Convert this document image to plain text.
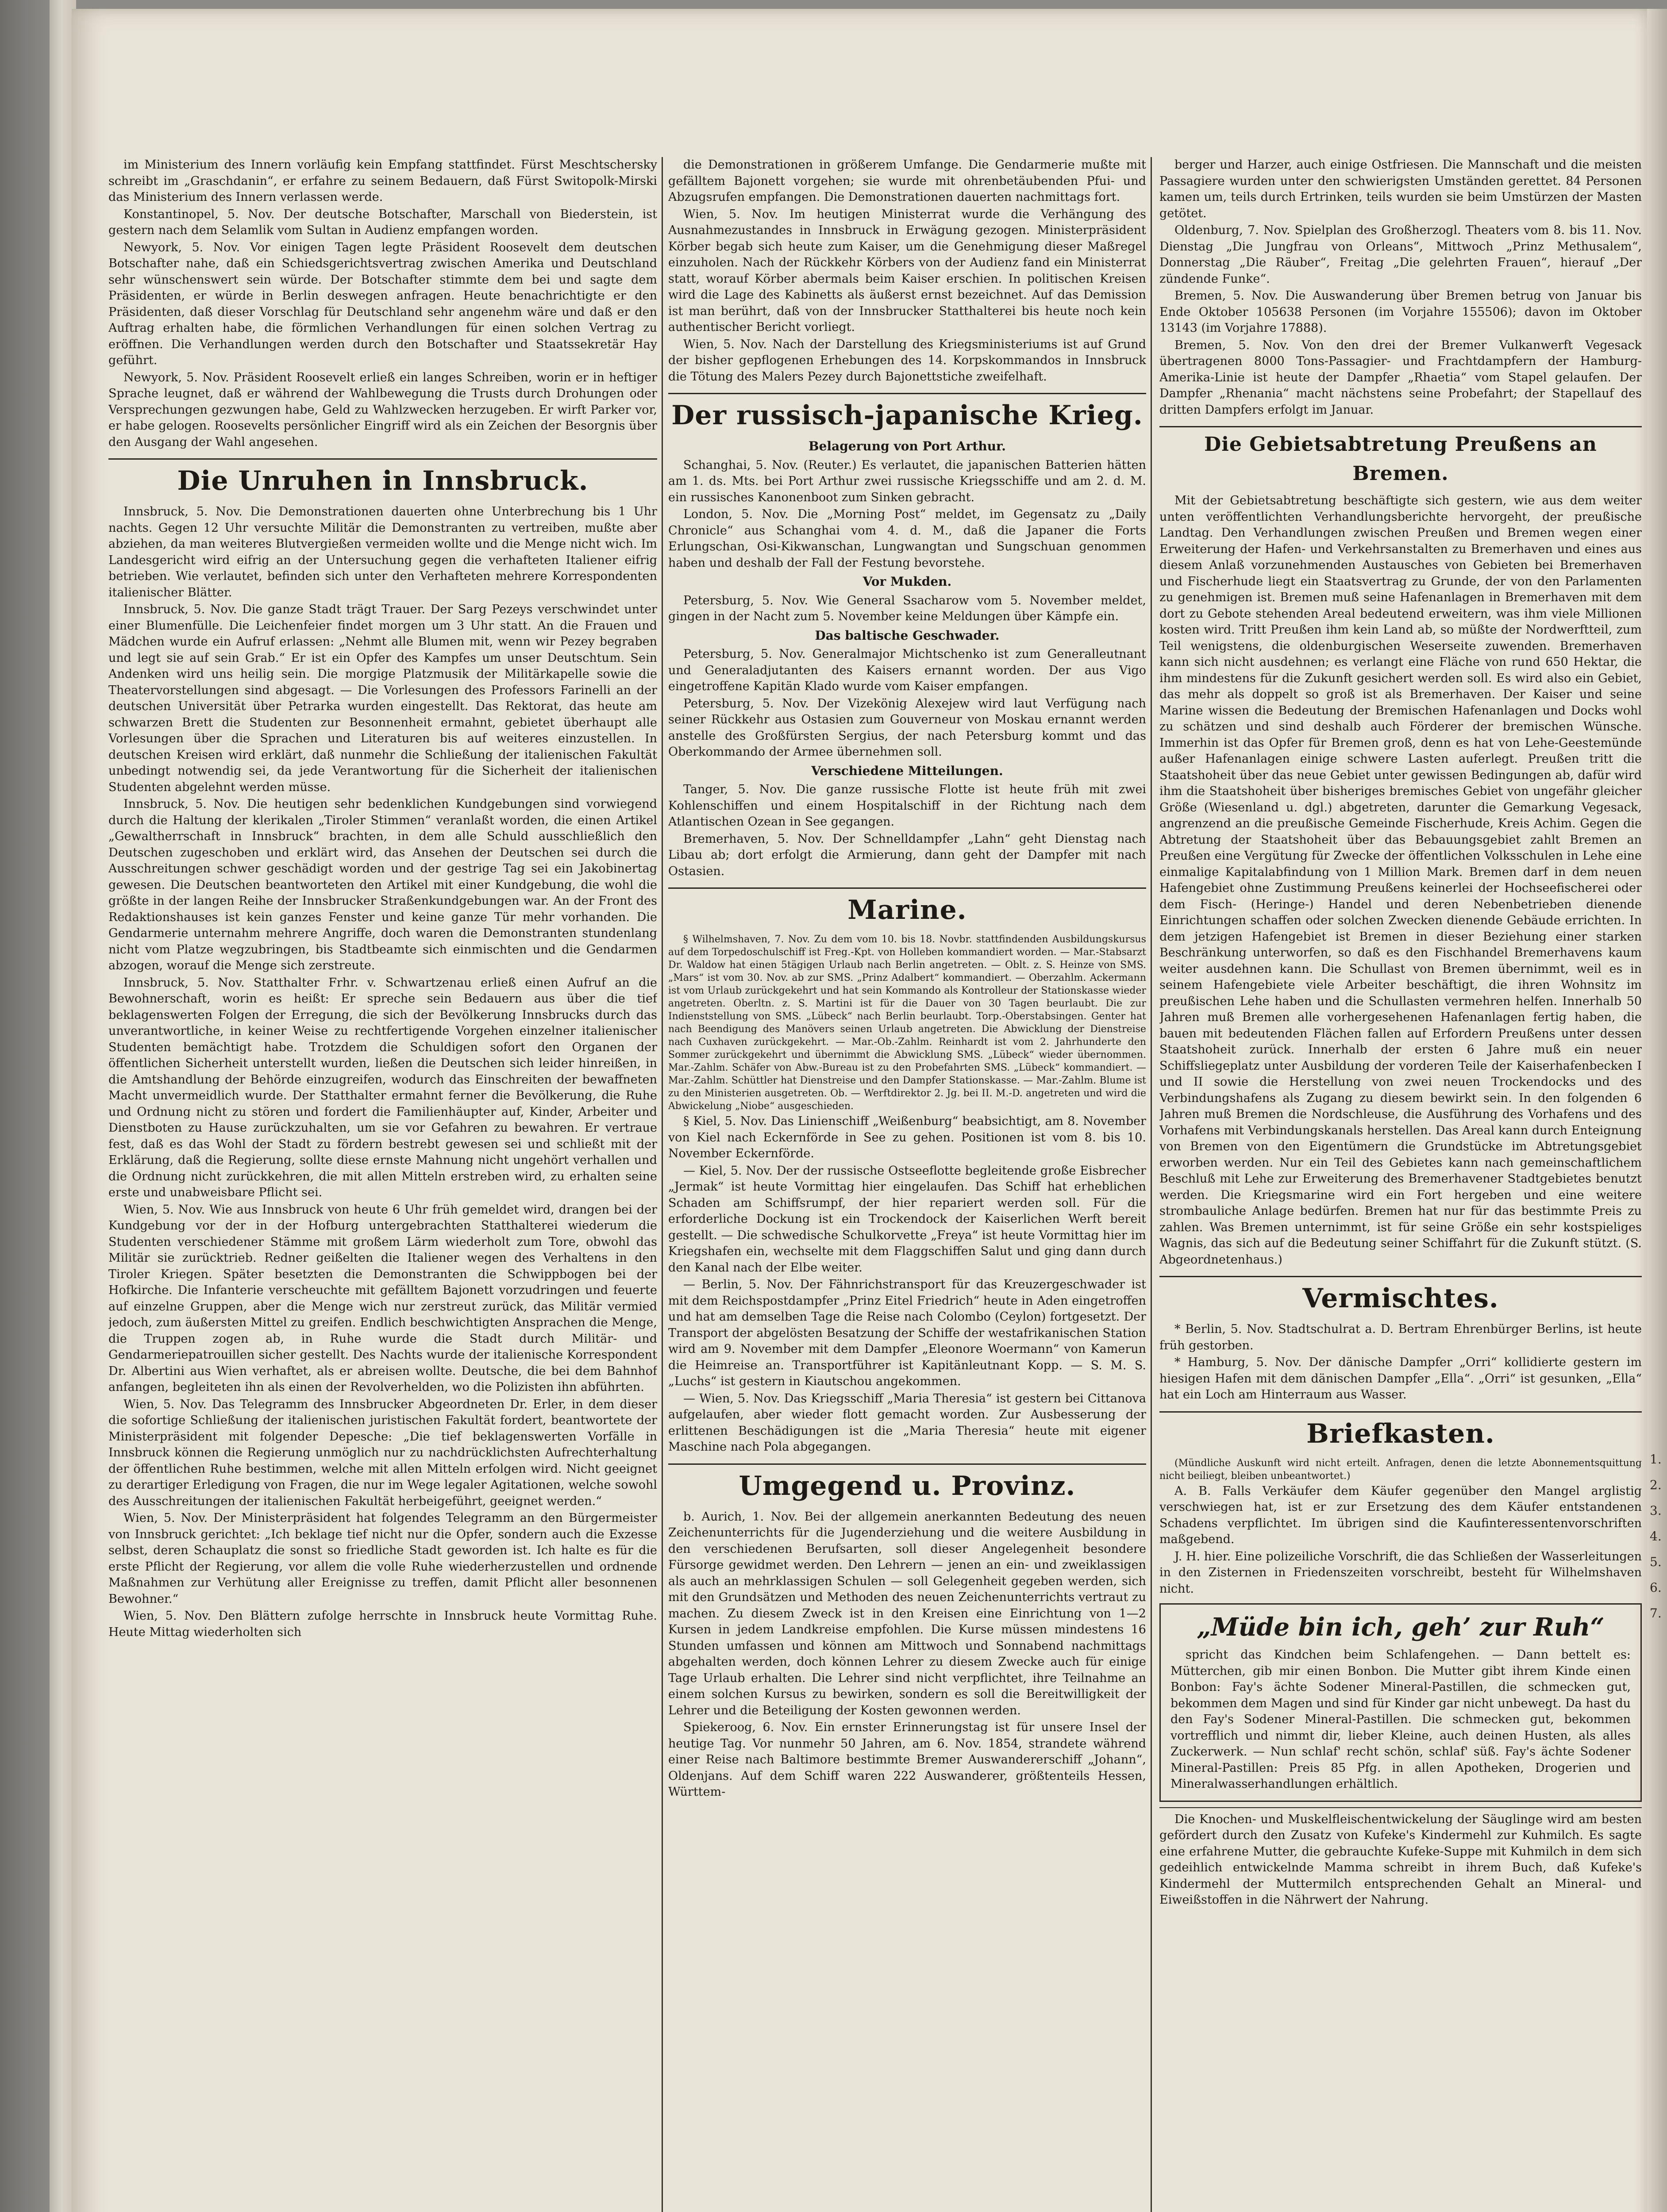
im Ministerium des Innern vorläufig kein Empfang stattfindet. Fürst Meschtschersky schreibt im „Graschdanin“, er erfahre zu seinem Bedauern, daß Fürst Switopolk-Mirski das Ministerium des Innern verlassen werde.

Konstantinopel, 5. Nov. Der deutsche Botschafter, Marschall von Biederstein, ist gestern nach dem Selamlik vom Sultan in Audienz empfangen worden.

Newyork, 5. Nov. Vor einigen Tagen legte Präsident Roosevelt dem deutschen Botschafter nahe, daß ein Schiedsgerichtsvertrag zwischen Amerika und Deutschland sehr wünschenswert sein würde. Der Botschafter stimmte dem bei und sagte dem Präsidenten, er würde in Berlin deswegen anfragen. Heute benachrichtigte er den Präsidenten, daß dieser Vorschlag für Deutschland sehr angenehm wäre und daß er den Auftrag erhalten habe, die förmlichen Verhandlungen für einen solchen Vertrag zu eröffnen. Die Verhandlungen werden durch den Botschafter und Staatssekretär Hay geführt.

Newyork, 5. Nov. Präsident Roosevelt erließ ein langes Schreiben, worin er in heftiger Sprache leugnet, daß er während der Wahlbewegung die Trusts durch Drohungen oder Versprechungen gezwungen habe, Geld zu Wahlzwecken herzugeben. Er wirft Parker vor, er habe gelogen. Roosevelts persönlicher Eingriff wird als ein Zeichen der Besorgnis über den Ausgang der Wahl angesehen.

Die Unruhen in Innsbruck.

Innsbruck, 5. Nov. Die Demonstrationen dauerten ohne Unterbrechung bis 1 Uhr nachts. Gegen 12 Uhr versuchte Militär die Demonstranten zu vertreiben, mußte aber abziehen, da man weiteres Blutvergießen vermeiden wollte und die Menge nicht wich. Im Landesgericht wird eifrig an der Untersuchung gegen die verhafteten Italiener eifrig betrieben. Wie verlautet, befinden sich unter den Verhafteten mehrere Korrespondenten italienischer Blätter.

Innsbruck, 5. Nov. Die ganze Stadt trägt Trauer. Der Sarg Pezeys verschwindet unter einer Blumenfülle. Die Leichenfeier findet morgen um 3 Uhr statt. An die Frauen und Mädchen wurde ein Aufruf erlassen: „Nehmt alle Blumen mit, wenn wir Pezey begraben und legt sie auf sein Grab.“ Er ist ein Opfer des Kampfes um unser Deutschtum. Sein Andenken wird uns heilig sein. Die morgige Platzmusik der Militärkapelle sowie die Theatervorstellungen sind abgesagt. — Die Vorlesungen des Professors Farinelli an der deutschen Universität über Petrarka wurden eingestellt. Das Rektorat, das heute am schwarzen Brett die Studenten zur Besonnenheit ermahnt, gebietet überhaupt alle Vorlesungen über die Sprachen und Literaturen bis auf weiteres einzustellen. In deutschen Kreisen wird erklärt, daß nunmehr die Schließung der italienischen Fakultät unbedingt notwendig sei, da jede Verantwortung für die Sicherheit der italienischen Studenten abgelehnt werden müsse.

Innsbruck, 5. Nov. Die heutigen sehr bedenklichen Kundgebungen sind vorwiegend durch die Haltung der klerikalen „Tiroler Stimmen“ veranlaßt worden, die einen Artikel „Gewaltherrschaft in Innsbruck“ brachten, in dem alle Schuld ausschließlich den Deutschen zugeschoben und erklärt wird, das Ansehen der Deutschen sei durch die Ausschreitungen schwer geschädigt worden und der gestrige Tag sei ein Jakobinertag gewesen. Die Deutschen beantworteten den Artikel mit einer Kundgebung, die wohl die größte in der langen Reihe der Innsbrucker Straßenkundgebungen war. An der Front des Redaktionshauses ist kein ganzes Fenster und keine ganze Tür mehr vorhanden. Die Gendarmerie unternahm mehrere Angriffe, doch waren die Demonstranten stundenlang nicht vom Platze wegzubringen, bis Stadtbeamte sich einmischten und die Gendarmen abzogen, worauf die Menge sich zerstreute.

Innsbruck, 5. Nov. Statthalter Frhr. v. Schwartzenau erließ einen Aufruf an die Bewohnerschaft, worin es heißt: Er spreche sein Bedauern aus über die tief beklagenswerten Folgen der Erregung, die sich der Bevölkerung Innsbrucks durch das unverantwortliche, in keiner Weise zu rechtfertigende Vorgehen einzelner italienischer Studenten bemächtigt habe. Trotzdem die Schuldigen sofort den Organen der öffentlichen Sicherheit unterstellt wurden, ließen die Deutschen sich leider hinreißen, in die Amtshandlung der Behörde einzugreifen, wodurch das Einschreiten der bewaffneten Macht unvermeidlich wurde. Der Statthalter ermahnt ferner die Bevölkerung, die Ruhe und Ordnung nicht zu stören und fordert die Familienhäupter auf, Kinder, Arbeiter und Dienstboten zu Hause zurückzuhalten, um sie vor Gefahren zu bewahren. Er vertraue fest, daß es das Wohl der Stadt zu fördern bestrebt gewesen sei und schließt mit der Erklärung, daß die Regierung, sollte diese ernste Mahnung nicht ungehört verhallen und die Ordnung nicht zurückkehren, die mit allen Mitteln erstreben wird, zu erhalten seine erste und unabweisbare Pflicht sei.

Wien, 5. Nov. Wie aus Innsbruck von heute 6 Uhr früh gemeldet wird, drangen bei der Kundgebung vor der in der Hofburg untergebrachten Statthalterei wiederum die Studenten verschiedener Stämme mit großem Lärm wiederholt zum Tore, obwohl das Militär sie zurücktrieb. Redner geißelten die Italiener wegen des Verhaltens in den Tiroler Kriegen. Später besetzten die Demonstranten die Schwippbogen bei der Hofkirche. Die Infanterie verscheuchte mit gefälltem Bajonett vorzudringen und feuerte auf einzelne Gruppen, aber die Menge wich nur zerstreut zurück, das Militär vermied jedoch, zum äußersten Mittel zu greifen. Endlich beschwichtigten Ansprachen die Menge, die Truppen zogen ab, in Ruhe wurde die Stadt durch Militär- und Gendarmeriepatrouillen sicher gestellt. Des Nachts wurde der italienische Korrespondent Dr. Albertini aus Wien verhaftet, als er abreisen wollte. Deutsche, die bei dem Bahnhof anfangen, begleiteten ihn als einen der Revolverhelden, wo die Polizisten ihn abführten.

Wien, 5. Nov. Das Telegramm des Innsbrucker Abgeordneten Dr. Erler, in dem dieser die sofortige Schließung der italienischen juristischen Fakultät fordert, beantwortete der Ministerpräsident mit folgender Depesche: „Die tief beklagenswerten Vorfälle in Innsbruck können die Regierung unmöglich nur zu nachdrücklichsten Aufrechterhaltung der öffentlichen Ruhe bestimmen, welche mit allen Mitteln erfolgen wird. Nicht geeignet zu derartiger Erledigung von Fragen, die nur im Wege legaler Agitationen, welche sowohl des Ausschreitungen der italienischen Fakultät herbeigeführt, geeignet werden.“

Wien, 5. Nov. Der Ministerpräsident hat folgendes Telegramm an den Bürgermeister von Innsbruck gerichtet: „Ich beklage tief nicht nur die Opfer, sondern auch die Exzesse selbst, deren Schauplatz die sonst so friedliche Stadt geworden ist. Ich halte es für die erste Pflicht der Regierung, vor allem die volle Ruhe wiederherzustellen und ordnende Maßnahmen zur Verhütung aller Ereignisse zu treffen, damit Pflicht aller besonnenen Bewohner.“

Wien, 5. Nov. Den Blättern zufolge herrschte in Innsbruck heute Vormittag Ruhe. Heute Mittag wiederholten sich

die Demonstrationen in größerem Umfange. Die Gendarmerie mußte mit gefälltem Bajonett vorgehen; sie wurde mit ohrenbetäubenden Pfui- und Abzugsrufen empfangen. Die Demonstrationen dauerten nachmittags fort.

Wien, 5. Nov. Im heutigen Ministerrat wurde die Verhängung des Ausnahmezustandes in Innsbruck in Erwägung gezogen. Ministerpräsident Körber begab sich heute zum Kaiser, um die Genehmigung dieser Maßregel einzuholen. Nach der Rückkehr Körbers von der Audienz fand ein Ministerrat statt, worauf Körber abermals beim Kaiser erschien. In politischen Kreisen wird die Lage des Kabinetts als äußerst ernst bezeichnet. Auf das Demission ist man berührt, daß von der Innsbrucker Statthalterei bis heute noch kein authentischer Bericht vorliegt.

Wien, 5. Nov. Nach der Darstellung des Kriegsministeriums ist auf Grund der bisher gepflogenen Erhebungen des 14. Korpskommandos in Innsbruck die Tötung des Malers Pezey durch Bajonettstiche zweifelhaft.

Der russisch-japanische Krieg.
Belagerung von Port Arthur.

Schanghai, 5. Nov. (Reuter.) Es verlautet, die japanischen Batterien hätten am 1. ds. Mts. bei Port Arthur zwei russische Kriegsschiffe und am 2. d. M. ein russisches Kanonenboot zum Sinken gebracht.

London, 5. Nov. Die „Morning Post“ meldet, im Gegensatz zu „Daily Chronicle“ aus Schanghai vom 4. d. M., daß die Japaner die Forts Erlungschan, Osi-Kikwanschan, Lungwangtan und Sungschuan genommen haben und deshalb der Fall der Festung bevorstehe.

Vor Mukden.

Petersburg, 5. Nov. Wie General Ssacharow vom 5. November meldet, gingen in der Nacht zum 5. November keine Meldungen über Kämpfe ein.

Das baltische Geschwader.

Petersburg, 5. Nov. Generalmajor Michtschenko ist zum Generalleutnant und Generaladjutanten des Kaisers ernannt worden. Der aus Vigo eingetroffene Kapitän Klado wurde vom Kaiser empfangen.

Petersburg, 5. Nov. Der Vizekönig Alexejew wird laut Verfügung nach seiner Rückkehr aus Ostasien zum Gouverneur von Moskau ernannt werden anstelle des Großfürsten Sergius, der nach Petersburg kommt und das Oberkommando der Armee übernehmen soll.

Verschiedene Mitteilungen.

Tanger, 5. Nov. Die ganze russische Flotte ist heute früh mit zwei Kohlenschiffen und einem Hospitalschiff in der Richtung nach dem Atlantischen Ozean in See gegangen.

Bremerhaven, 5. Nov. Der Schnelldampfer „Lahn“ geht Dienstag nach Libau ab; dort erfolgt die Armierung, dann geht der Dampfer mit nach Ostasien.

Marine.

§ Wilhelmshaven, 7. Nov. Zu dem vom 10. bis 18. Novbr. stattfindenden Ausbildungskursus auf dem Torpedoschulschiff ist Freg.-Kpt. von Holleben kommandiert worden. — Mar.-Stabsarzt Dr. Waldow hat einen 5tägigen Urlaub nach Berlin angetreten. — Oblt. z. S. Heinze von SMS. „Mars“ ist vom 30. Nov. ab zur SMS. „Prinz Adalbert“ kommandiert. — Oberzahlm. Ackermann ist vom Urlaub zurückgekehrt und hat sein Kommando als Kontrolleur der Stationskasse wieder angetreten. Oberltn. z. S. Martini ist für die Dauer von 30 Tagen beurlaubt. Die zur Indienststellung von SMS. „Lübeck“ nach Berlin beurlaubt. Torp.-Oberstabsingen. Genter hat nach Beendigung des Manövers seinen Urlaub angetreten. Die Abwicklung der Dienstreise nach Cuxhaven zurückgekehrt. — Mar.-Ob.-Zahlm. Reinhardt ist vom 2. Jahrhunderte den Sommer zurückgekehrt und übernimmt die Abwicklung SMS. „Lübeck“ wieder übernommen. Mar.-Zahlm. Schäfer von Abw.-Bureau ist zu den Probefahrten SMS. „Lübeck“ kommandiert. — Mar.-Zahlm. Schüttler hat Dienstreise und den Dampfer Stationskasse. — Mar.-Zahlm. Blume ist zu den Ministerien ausgetreten. Ob. — Werftdirektor 2. Jg. bei II. M.-D. angetreten und wird die Abwickelung „Niobe“ ausgeschieden.

§ Kiel, 5. Nov. Das Linienschiff „Weißenburg“ beabsichtigt, am 8. November von Kiel nach Eckernförde in See zu gehen. Positionen ist vom 8. bis 10. November Eckernförde.

— Kiel, 5. Nov. Der der russische Ostseeflotte begleitende große Eisbrecher „Jermak“ ist heute Vormittag hier eingelaufen. Das Schiff hat erheblichen Schaden am Schiffsrumpf, der hier repariert werden soll. Für die erforderliche Dockung ist ein Trockendock der Kaiserlichen Werft bereit gestellt. — Die schwedische Schulkorvette „Freya“ ist heute Vormittag hier im Kriegshafen ein, wechselte mit dem Flaggschiffen Salut und ging dann durch den Kanal nach der Elbe weiter.

— Berlin, 5. Nov. Der Fähnrichstransport für das Kreuzergeschwader ist mit dem Reichspostdampfer „Prinz Eitel Friedrich“ heute in Aden eingetroffen und hat am demselben Tage die Reise nach Colombo (Ceylon) fortgesetzt. Der Transport der abgelösten Besatzung der Schiffe der westafrikanischen Station wird am 9. November mit dem Dampfer „Eleonore Woermann“ von Kamerun die Heimreise an. Transportführer ist Kapitänleutnant Kopp. — S. M. S. „Luchs“ ist gestern in Kiautschou angekommen.

— Wien, 5. Nov. Das Kriegsschiff „Maria Theresia“ ist gestern bei Cittanova aufgelaufen, aber wieder flott gemacht worden. Zur Ausbesserung der erlittenen Beschädigungen ist die „Maria Theresia“ heute mit eigener Maschine nach Pola abgegangen.

Umgegend u. Provinz.

b. Aurich, 1. Nov. Bei der allgemein anerkannten Bedeutung des neuen Zeichenunterrichts für die Jugenderziehung und die weitere Ausbildung in den verschiedenen Berufsarten, soll dieser Angelegenheit besondere Fürsorge gewidmet werden. Den Lehrern — jenen an ein- und zweiklassigen als auch an mehrklassigen Schulen — soll Gelegenheit gegeben werden, sich mit den Grundsätzen und Methoden des neuen Zeichenunterrichts vertraut zu machen. Zu diesem Zweck ist in den Kreisen eine Einrichtung von 1—2 Kursen in jedem Landkreise empfohlen. Die Kurse müssen mindestens 16 Stunden umfassen und können am Mittwoch und Sonnabend nachmittags abgehalten werden, doch können Lehrer zu diesem Zwecke auch für einige Tage Urlaub erhalten. Die Lehrer sind nicht verpflichtet, ihre Teilnahme an einem solchen Kursus zu bewirken, sondern es soll die Bereitwilligkeit der Lehrer und die Beteiligung der Kosten gewonnen werden.

Spiekeroog, 6. Nov. Ein ernster Erinnerungstag ist für unsere Insel der heutige Tag. Vor nunmehr 50 Jahren, am 6. Nov. 1854, strandete während einer Reise nach Baltimore bestimmte Bremer Auswandererschiff „Johann“, Oldenjans. Auf dem Schiff waren 222 Auswanderer, größtenteils Hessen, Württem-

berger und Harzer, auch einige Ostfriesen. Die Mannschaft und die meisten Passagiere wurden unter den schwierigsten Umständen gerettet. 84 Personen kamen um, teils durch Ertrinken, teils wurden sie beim Umstürzen der Masten getötet.

Oldenburg, 7. Nov. Spielplan des Großherzogl. Theaters vom 8. bis 11. Nov. Dienstag „Die Jungfrau von Orleans“, Mittwoch „Prinz Methusalem“, Donnerstag „Die Räuber“, Freitag „Die gelehrten Frauen“, hierauf „Der zündende Funke“.

Bremen, 5. Nov. Die Auswanderung über Bremen betrug von Januar bis Ende Oktober 105638 Personen (im Vorjahre 155506); davon im Oktober 13143 (im Vorjahre 17888).

Bremen, 5. Nov. Von den drei der Bremer Vulkanwerft Vegesack übertragenen 8000 Tons-Passagier- und Frachtdampfern der Hamburg-Amerika-Linie ist heute der Dampfer „Rhaetia“ vom Stapel gelaufen. Der Dampfer „Rhenania“ macht nächstens seine Probefahrt; der Stapellauf des dritten Dampfers erfolgt im Januar.

Die Gebietsabtretung Preußens an Bremen.

Mit der Gebietsabtretung beschäftigte sich gestern, wie aus dem weiter unten veröffentlichten Verhandlungsberichte hervorgeht, der preußische Landtag. Den Verhandlungen zwischen Preußen und Bremen wegen einer Erweiterung der Hafen- und Verkehrsanstalten zu Bremerhaven und eines aus diesem Anlaß vorzunehmenden Austausches von Gebieten bei Bremerhaven und Fischerhude liegt ein Staatsvertrag zu Grunde, der von den Parlamenten zu genehmigen ist. Bremen muß seine Hafenanlagen in Bremerhaven mit dem dort zu Gebote stehenden Areal bedeutend erweitern, was ihm viele Millionen kosten wird. Tritt Preußen ihm kein Land ab, so müßte der Nordwerftteil, zum Teil wenigstens, die oldenburgischen Weserseite zuwenden. Bremerhaven kann sich nicht ausdehnen; es verlangt eine Fläche von rund 650 Hektar, die ihm mindestens für die Zukunft gesichert werden soll. Es wird also ein Gebiet, das mehr als doppelt so groß ist als Bremerhaven. Der Kaiser und seine Marine wissen die Bedeutung der Bremischen Hafenanlagen und Docks wohl zu schätzen und sind deshalb auch Förderer der bremischen Wünsche. Immerhin ist das Opfer für Bremen groß, denn es hat von Lehe-Geestemünde außer Hafenanlagen einige schwere Lasten auferlegt. Preußen tritt die Staatshoheit über das neue Gebiet unter gewissen Bedingungen ab, dafür wird ihm die Staatshoheit über bisheriges bremisches Gebiet von ungefähr gleicher Größe (Wiesenland u. dgl.) abgetreten, darunter die Gemarkung Vegesack, angrenzend an die preußische Gemeinde Fischerhude, Kreis Achim. Gegen die Abtretung der Staatshoheit über das Bebauungsgebiet zahlt Bremen an Preußen eine Vergütung für Zwecke der öffentlichen Volksschulen in Lehe eine einmalige Kapitalabfindung von 1 Million Mark. Bremen darf in dem neuen Hafengebiet ohne Zustimmung Preußens keinerlei der Hochseefischerei oder dem Fisch- (Heringe-) Handel und deren Nebenbetrieben dienende Einrichtungen schaffen oder solchen Zwecken dienende Gebäude errichten. In dem jetzigen Hafengebiet ist Bremen in dieser Beziehung einer starken Beschränkung unterworfen, so daß es den Fischhandel Bremerhavens kaum weiter ausdehnen kann. Die Schullast von Bremen übernimmt, weil es in seinem Hafengebiete viele Arbeiter beschäftigt, die ihren Wohnsitz im preußischen Lehe haben und die Schullasten vermehren helfen. Innerhalb 50 Jahren muß Bremen alle vorhergesehenen Hafenanlagen fertig haben, die bauen mit bedeutenden Flächen fallen auf Erfordern Preußens unter dessen Staatshoheit zurück. Innerhalb der ersten 6 Jahre muß ein neuer Schiffsliegeplatz unter Ausbildung der vorderen Teile der Kaiserhafenbecken I und II sowie die Herstellung von zwei neuen Trockendocks und des Verbindungshafens als Zugang zu diesem bewirkt sein. In den folgenden 6 Jahren muß Bremen die Nordschleuse, die Ausführung des Vorhafens und des Vorhafens mit Verbindungskanals herstellen. Das Areal kann durch Enteignung von Bremen von den Eigentümern die Grundstücke im Abtretungsgebiet erworben werden. Nur ein Teil des Gebietes kann nach gemeinschaftlichem Beschluß mit Lehe zur Erweiterung des Bremerhavener Stadtgebietes benutzt werden. Die Kriegsmarine wird ein Fort hergeben und eine weitere strombauliche Anlage bedürfen. Bremen hat nur für das bestimmte Preis zu zahlen. Was Bremen unternimmt, ist für seine Größe ein sehr kostspieliges Wagnis, das sich auf die Bedeutung seiner Schiffahrt für die Zukunft stützt. (S. Abgeordnetenhaus.)

Vermischtes.

* Berlin, 5. Nov. Stadtschulrat a. D. Bertram Ehrenbürger Berlins, ist heute früh gestorben.

* Hamburg, 5. Nov. Der dänische Dampfer „Orri“ kollidierte gestern im hiesigen Hafen mit dem dänischen Dampfer „Ella“. „Orri“ ist gesunken, „Ella“ hat ein Loch am Hinterraum aus Wasser.

Briefkasten.

(Mündliche Auskunft wird nicht erteilt. Anfragen, denen die letzte Abonnementsquittung nicht beiliegt, bleiben unbeantwortet.)

A. B. Falls Verkäufer dem Käufer gegenüber den Mangel arglistig verschwiegen hat, ist er zur Ersetzung des dem Käufer entstandenen Schadens verpflichtet. Im übrigen sind die Kaufinteressentenvorschriften maßgebend.

J. H. hier. Eine polizeiliche Vorschrift, die das Schließen der Wasserleitungen in den Zisternen in Friedenszeiten vorschreibt, besteht für Wilhelmshaven nicht.

„Müde bin ich, geh’ zur Ruh“

spricht das Kindchen beim Schlafengehen. — Dann bettelt es: Mütterchen, gib mir einen Bonbon. Die Mutter gibt ihrem Kinde einen Bonbon: Fay's ächte Sodener Mineral-Pastillen, die schmecken gut, bekommen dem Magen und sind für Kinder gar nicht unbewegt. Da hast du den Fay's Sodener Mineral-Pastillen. Die schmecken gut, bekommen vortrefflich und nimmt dir, lieber Kleine, auch deinen Husten, als alles Zuckerwerk. — Nun schlaf' recht schön, schlaf' süß. Fay's ächte Sodener Mineral-Pastillen: Preis 85 Pfg. in allen Apotheken, Drogerien und Mineralwasserhandlungen erhältlich.

Die Knochen- und Muskelfleischentwickelung der Säuglinge wird am besten gefördert durch den Zusatz von Kufeke's Kindermehl zur Kuhmilch. Es sagte eine erfahrene Mutter, die gebrauchte Kufeke-Suppe mit Kuhmilch in dem sich gedeihlich entwickelnde Mamma schreibt in ihrem Buch, daß Kufeke's Kindermehl der Muttermilch entsprechenden Gehalt an Mineral- und Eiweißstoffen in die Nährwert der Nahrung.

1.
2.
3.
4.
5.
6.
7.
